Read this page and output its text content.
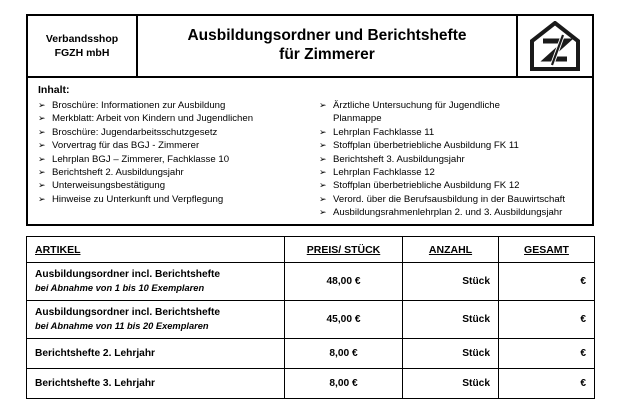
Verbandsshop
FGZH mbH
Ausbildungsordner und Berichtshefte
für Zimmerer
Inhalt:
➢ Broschüre: Informationen zur Ausbildung
➢ Merkblatt: Arbeit von Kindern und Jugendlichen
➢ Broschüre: Jugendarbeitsschutzgesetz
➢ Vorvertrag für das BGJ - Zimmerer
➢ Lehrplan BGJ – Zimmerer, Fachklasse 10
➢ Berichtsheft 2. Ausbildungsjahr
➢ Unterweisungsbestätigung
➢ Hinweise zu Unterkunft und Verpflegung
➢ Ärztliche Untersuchung für Jugendliche
Planmappe
➢ Lehrplan Fachklasse 11
➢ Stoffplan überbetriebliche Ausbildung FK 11
➢ Berichtsheft 3. Ausbildungsjahr
➢ Lehrplan Fachklasse 12
➢ Stoffplan überbetriebliche Ausbildung FK 12
➢ Verord. über die Berufsausbildung in der Bauwirtschaft
➢ Ausbildungsrahmenlehrplan 2. und 3. Ausbildungsjahr
ARTIKEL	PREIS/ STÜCK	ANZAHL	GESAMT

Ausbildungsordner incl. Berichtshefte
bei Abnahme von 1 bis 10 Exemplaren	48,00 €	Stück	€

Ausbildungsordner incl. Berichtshefte
bei Abnahme von 11 bis 20 Exemplaren	45,00 €	Stück	€

Berichtshefte 2. Lehrjahr	8,00 €	Stück	€

Berichtshefte 3. Lehrjahr	8,00 €	Stück	€
